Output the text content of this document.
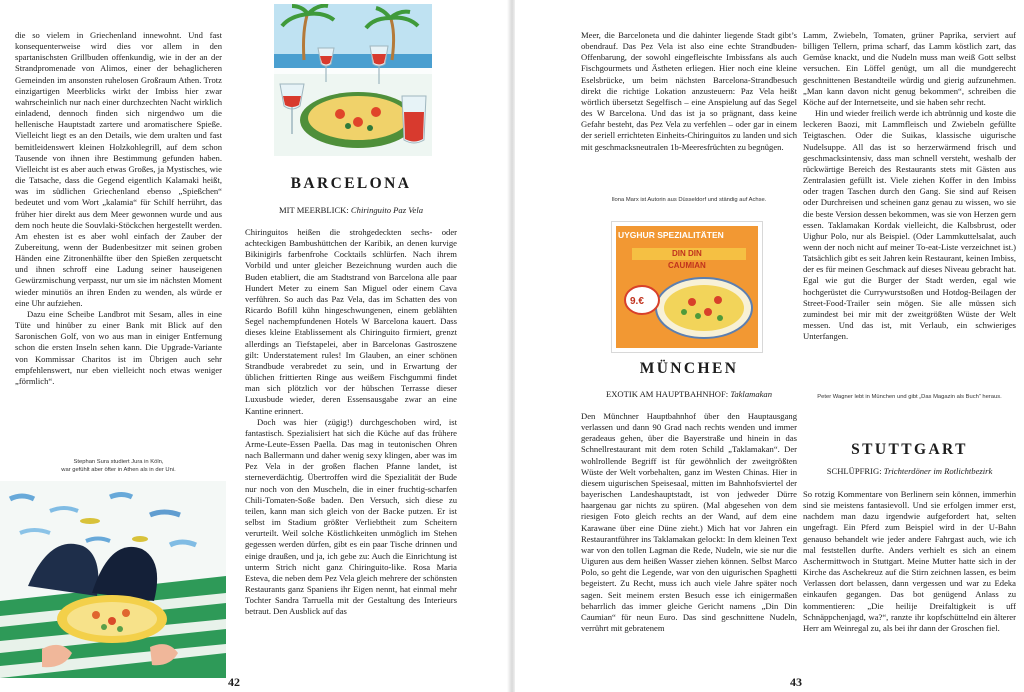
die so vielem in Griechenland innewohnt. Und fast konsequenterweise wird dies vor allem in den spartanischsten Grillbuden offenkundig, wie in der an der Strandpromenade von Alimos, einer der behaglicheren Gemeinden im ansonsten ruhelosen Großraum Athen. Trotz einzigartigen Meerblicks wirkt der Imbiss hier zwar wahrscheinlich nur nach einer durchzechten Nacht wirklich einladend, dennoch finden sich nirgendwo um die hellenische Hauptstadt zartere und aromatischere Spieße. Vielleicht liegt es an den Details, wie dem uralten und fast bemitleidenswert kleinen Holzkohlegrill, auf dem schon Tausende von ihnen ihre Bestimmung gefunden haben. Vielleicht ist es aber auch etwas Großes, ja Mystisches, wie die Tatsache, dass die Gegend eigentlich Kalamaki heißt, was im südlichen Griechenland ebenso „Spießchen“ bedeutet und vom Wort „kalamia“ für Schilf herrührt, das früher hier direkt aus dem Meer gewonnen wurde und aus dem noch heute die Souvlaki-Stöckchen hergestellt werden. Am ehesten ist es aber wohl einfach der Zauber der Zubereitung, wenn der Budenbesitzer mit seinen groben Händen eine Zitronenhälfte über den Spießen zerquetscht und ihnen schroff eine Ladung seiner hauseigenen Gewürzmischung verpasst, nur um sie im nächsten Moment wieder minutiös an ihren Enden zu wenden, als würde er eine Uhr aufziehen.

Dazu eine Scheibe Landbrot mit Sesam, alles in eine Tüte und hinüber zu einer Bank mit Blick auf den Saronischen Golf, von wo aus man in einiger Entfernung schon die ersten Inseln sehen kann. Die Upgrade-Variante von Kommissar Charitos ist im Übrigen auch sehr empfehlenswert, nur eben vielleicht noch etwas weniger „förmlich“.

Stephan Sura studiert Jura in Köln,
war gefühlt aber öfter in Athen als in der Uni.
BARCELONA
MIT MEERBLICK: Chiringuito Paz Vela

Chiringuitos heißen die strohgedeckten sechs- oder achteckigen Bambushüttchen der Karibik, an denen kurvige Bikinigirls farbenfrohe Cocktails schlürfen. Nach ihrem Vorbild und unter gleicher Bezeichnung wurden auch die Buden etabliert, die am Stadtstrand von Barcelona alle paar Hundert Meter zu einem San Miguel oder einem Cava verführen. So auch das Paz Vela, das im Schatten des von Ricardo Bofill kühn hingeschwungenen, einem geblähten Segel nachempfundenen Hotels W Barcelona kauert. Dass dieses kleine Etablissement als Chiringuito firmiert, grenzt allerdings an Tiefstapelei, aber in Barcelonas Gastroszene gilt: Understatement rules! Im Glauben, an einer schönen Strandbude verabredet zu sein, und in Erwartung der üblichen frittierten Ringe aus weißem Fischgummi findet man sich plötzlich vor der hübschen Terrasse dieser Luxusbude wieder, deren Essensausgabe zwar an eine Kantine erinnert.

Doch was hier (zügig!) durchgeschoben wird, ist fantastisch. Spezialisiert hat sich die Küche auf das frühere Arme-Leute-Essen Paella. Das mag in teutonischen Ohren nach Ballermann und daher wenig sexy klingen, aber was im Pez Vela in der großen flachen Pfanne landet, ist sterneverdächtig. Übertroffen wird die Spezialität der Bude nur noch von den Muscheln, die in einer fruchtig-scharfen Chili-Tomaten-Soße baden. Den Versuch, sich diese zu teilen, kann man sich gleich von der Backe putzen. Er ist selbst im Stadium größter Verliebtheit zum Scheitern verurteilt. Weil solche Köstlichkeiten unmöglich im Stehen gegessen werden dürfen, gibt es ein paar Tische drinnen und einige draußen, und ja, ich gebe zu: Auch die Einrichtung ist unterm Strich nicht ganz Chiringuito-like. Rosa Maria Esteva, die neben dem Pez Vela gleich mehrere der schönsten Restaurants ganz Spaniens ihr Eigen nennt, hat einmal mehr Tochter Sandra Tarruella mit der Gestaltung des Interieurs betraut. Den Ausblick auf das

42

Meer, die Barceloneta und die dahinter liegende Stadt gibt’s obendrauf. Das Pez Vela ist also eine echte Strandbuden-Offenbarung, der sowohl eingefleischte Imbissfans als auch Fischgourmets und Ästheten erliegen. Hier noch eine kleine Eselsbrücke, um beim nächsten Barcelona-Strandbesuch direkt die richtige Lokation anzusteuern: Paz Vela heißt wörtlich übersetzt Segelfisch – eine Anspielung auf das Segel des W Barcelona. Und das ist ja so prägnant, dass keine Gefahr besteht, das Pez Vela zu verfehlen – oder gar in einem der seriell errichteten Einheits-Chiringuitos zu landen und sich mit geschmacksneutralen 1b-Meeresfrüchten zu begnügen.

Ilona Marx ist Autorin aus Düsseldorf und ständig auf Achse.
UYGHUR SPEZIALITÄTEN
DIN DIN
CAUMIAN
9.€
MÜNCHEN
EXOTIK AM HAUPTBAHNHOF: Taklamakan

Den Münchner Hauptbahnhof über den Hauptausgang verlassen und dann 90 Grad nach rechts wenden und immer geradeaus gehen, über die Bayerstraße und hinein in das Schnellrestaurant mit dem roten Schild „Taklamakan“. Der wohlrollende Begriff ist für gewöhnlich der zweitgrößten Wüste der Welt vorbehalten, ganz im Westen Chinas. Hier in diesem uigurischen Speisesaal, mitten im Bahnhofsviertel der bayerischen Landeshauptstadt, ist von jedweder Dürre haargenau gar nichts zu spüren. (Mal abgesehen von dem riesigen Foto gleich rechts an der Wand, auf dem eine Karawane über eine Düne zieht.) Mich hat vor Jahren ein Restaurantführer ins Taklamakan gelockt: In dem kleinen Text war von den tollen Lagman die Rede, Nudeln, wie sie nur die Uiguren aus dem heißen Wasser ziehen können. Selbst Marco Polo, so geht die Legende, war von den uigurischen Spaghetti begeistert. Zu Recht, muss ich auch viele Jahre später noch sagen. Seit meinem ersten Besuch esse ich einigermaßen beharrlich das immer gleiche Gericht namens „Din Din Caumian“ für neun Euro. Das sind geschnittene Nudeln, verrührt mit gebratenem

Lamm, Zwiebeln, Tomaten, grüner Paprika, serviert auf billigen Tellern, prima scharf, das Lamm köstlich zart, das Gemüse knackt, und die Nudeln muss man weiß Gott selbst versuchen. Ein Löffel genügt, um all die mundgerecht geschnittenen Bestandteile würdig und gierig aufzunehmen. „Man kann davon nicht genug bekommen“, schreiben die Köche auf der Internetseite, und sie haben sehr recht.

Hin und wieder freilich werde ich abtrünnig und koste die leckeren Baozi, mit Lammfleisch und Zwiebeln gefüllte Teigtaschen. Oder die Suikas, klassische uigurische Nudelsuppe. All das ist so herzerwärmend frisch und geschmacksintensiv, dass man schnell versteht, weshalb der rückwärtige Bereich des Restaurants stets mit Gästen aus Zentralasien gefüllt ist. Viele ziehen Koffer in den Imbiss oder tragen Taschen durch den Gang. Sie sind auf Reisen oder Durchreisen und scheinen ganz genau zu wissen, wo sie die beste Version dessen bekommen, was sie von Herzen gern essen. Taklamakan Kordak vielleicht, die Kalbsbrust, oder Uighur Polo, nur als Beispiel. (Oder Lammkuttelsalat, auch wenn der noch nicht auf meiner To-eat-Liste verzeichnet ist.) Tatsächlich gibt es seit Jahren kein Restaurant, keinen Imbiss, der es für meinen Geschmack auf dieses Niveau gebracht hat. Egal wie gut die Burger der Stadt werden, egal wie hochgerüstet die Currywurstsoßen und Hotdog-Beilagen der Street-Food-Trailer sein mögen. Sie alle müssen sich zumindest bei mir mit der zweitgrößten Wüste der Welt messen. Und das ist, mit Verlaub, ein schwieriges Unterfangen.

Peter Wagner lebt in München und gibt „Das Magazin als Buch“ heraus.
STUTTGART
SCHLÜPFRIG: Trichterdöner im Rotlichtbezirk

So rotzig Kommentare von Berlinern sein können, immerhin sind sie meistens fantasievoll. Und sie erfolgen immer erst, nachdem man dazu irgendwie aufgefordert hat, selten ungefragt. Ein Pferd zum Beispiel wird in der U-Bahn genauso behandelt wie jeder andere Fahrgast auch, wie ich mal feststellen durfte. Anders verhielt es sich an einem Aschermittwoch in Stuttgart. Meine Mutter hatte sich in der Kirche das Aschekreuz auf die Stirn zeichnen lassen, es beim Verlassen dort belassen, dann vergessen und war zu Edeka einkaufen gegangen. Das bot genügend Anlass zu kommentieren: „Die heilije Dreifaltigkeit is uff Schnäppchenjagd, wa?“, ranzte ihr kopfschüttelnd ein älterer Herr am Weinregal zu, als bei ihr dann der Groschen fiel.

43
